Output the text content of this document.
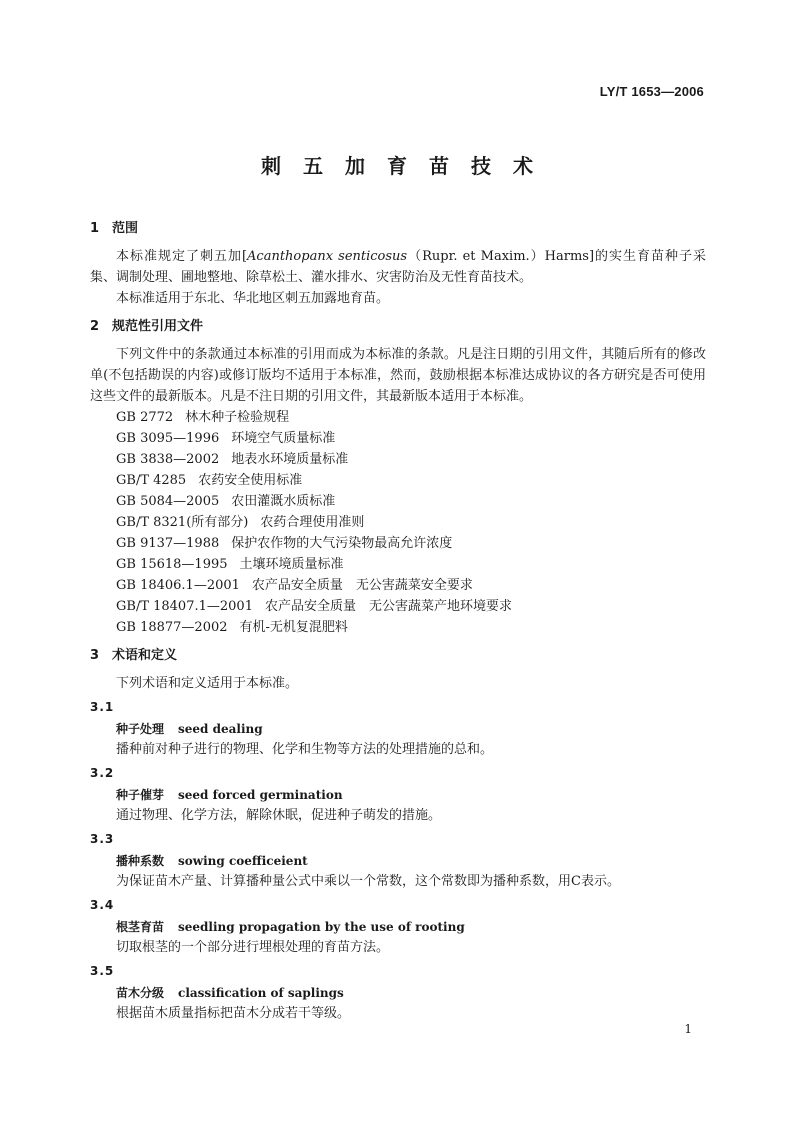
LY/T 1653—2006
刺五加育苗技术
1 范围

本标准规定了刺五加[Acanthopanx senticosus（Rupr. et Maxim.）Harms]的实生育苗种子采集、调制处理、圃地整地、除草松土、灌水排水、灾害防治及无性育苗技术。

本标准适用于东北、华北地区刺五加露地育苗。

2 规范性引用文件

下列文件中的条款通过本标准的引用而成为本标准的条款。凡是注日期的引用文件，其随后所有的修改单(不包括勘误的内容)或修订版均不适用于本标准，然而，鼓励根据本标准达成协议的各方研究是否可使用这些文件的最新版本。凡是不注日期的引用文件，其最新版本适用于本标准。

GB 2772 林木种子检验规程
GB 3095—1996 环境空气质量标准
GB 3838—2002 地表水环境质量标准
GB/T 4285 农药安全使用标准
GB 5084—2005 农田灌溉水质标准
GB/T 8321(所有部分) 农药合理使用准则
GB 9137—1988 保护农作物的大气污染物最高允许浓度
GB 15618—1995 土壤环境质量标准
GB 18406.1—2001 农产品安全质量　无公害蔬菜安全要求
GB/T 18407.1—2001 农产品安全质量　无公害蔬菜产地环境要求
GB 18877—2002 有机-无机复混肥料
3 术语和定义

下列术语和定义适用于本标准。

3.1
种子处理 seed dealing
播种前对种子进行的物理、化学和生物等方法的处理措施的总和。
3.2
种子催芽 seed forced germination
通过物理、化学方法，解除休眠，促进种子萌发的措施。
3.3
播种系数 sowing coefficeient
为保证苗木产量、计算播种量公式中乘以一个常数，这个常数即为播种系数，用C表示。
3.4
根茎育苗 seedling propagation by the use of rooting
切取根茎的一个部分进行埋根处理的育苗方法。
3.5
苗木分级 classification of saplings
根据苗木质量指标把苗木分成若干等级。
1
